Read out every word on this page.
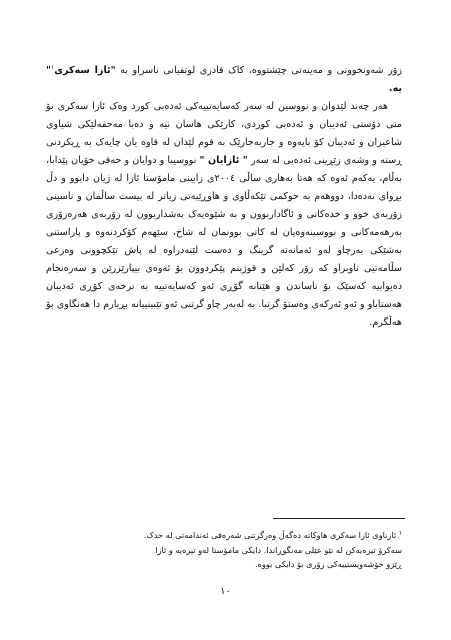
زۆر شەونخوونی و مەینەتی چێشتووە، کاک قادری لوتفیانی ناسراو بە "ئازا سەکری$^١$" یە.

هەر چەند لێدوان و نووسین لە سەر کەسایەتییەکی ئەدەبی کورد وەک ئازا سەکری بۆ منی دۆستی ئەدیبان و ئەدەبی کوردی، کارێکی هاسان نیە و دەبا مەحفەلێکی شیاوی شاعیران و ئەدیبان کۆ بایەوە و جاربەجارێک بە قوم لێدان لە قاوە یان چایەک بە ڕیکردنی ڕستە و وشەی زێڕینی ئەدەبی لە سەر " ئازایان " نووسیبا و دوایان و حەقی خۆیان پێدابا، بەڵام، یەکەم ئەوە کە هەتا بەهاری ساڵی ٢٠٠٤ی زایینی مامۆستا ئازا لە ژیان دابوو و دڵ بڕوای نەدەدا، دووهەم بە حوکمی تێکەڵاوی و هاوڕێیەتی زیاتر لە بیست ساڵمان و ناسینی زۆربەی خوو و خدەکانی و ئاگاداربوون و بە شێوەیەک بەشداربوون لە زۆربەی هەرەزۆری بەرهەمەکانی و نووسینەوەیان لە کاتی بوونمان لە شاخ، سێهەم کۆکردنەوە و پاراستنی بەشێکی بەرچاو لەو ئەمانەتە گرینگ و دەست لێنەدراوە لە پاش تێکچوونی وەزعی سڵامەتیی ناوبراو کە زۆر کەلێن و قوژبنم پێکردوون بۆ ئەوەی بیپارێزرێن و سەرەنجام دەیوابیە کەسێک بۆ ناساندن و هێنانە گۆڕی ئەو کەسایەتییە بە نرخەی کۆڕی ئەدیبان هەستاباو و ئەو ئەرکەی وەستۆ گرتبا. بە لەبەر چاو گرتنی ئەو تێبینییانە بڕیارم دا هەنگاوی بۆ هەڵگرم.

$^١$ ئازناوی ئازا سەکری هاوکاتە دەگەڵ وەرگرتنی شەرەفی ئەندامەتی لە حدک.

سەکرۆ تیرەیەکن لە نێو عێلی مەنگوڕاندا. دایکی مامۆستا لەو تیرەیە و ئازا

ڕێزو خۆشەویستییەکی زۆری بۆ دایکی بووە.

١٠
